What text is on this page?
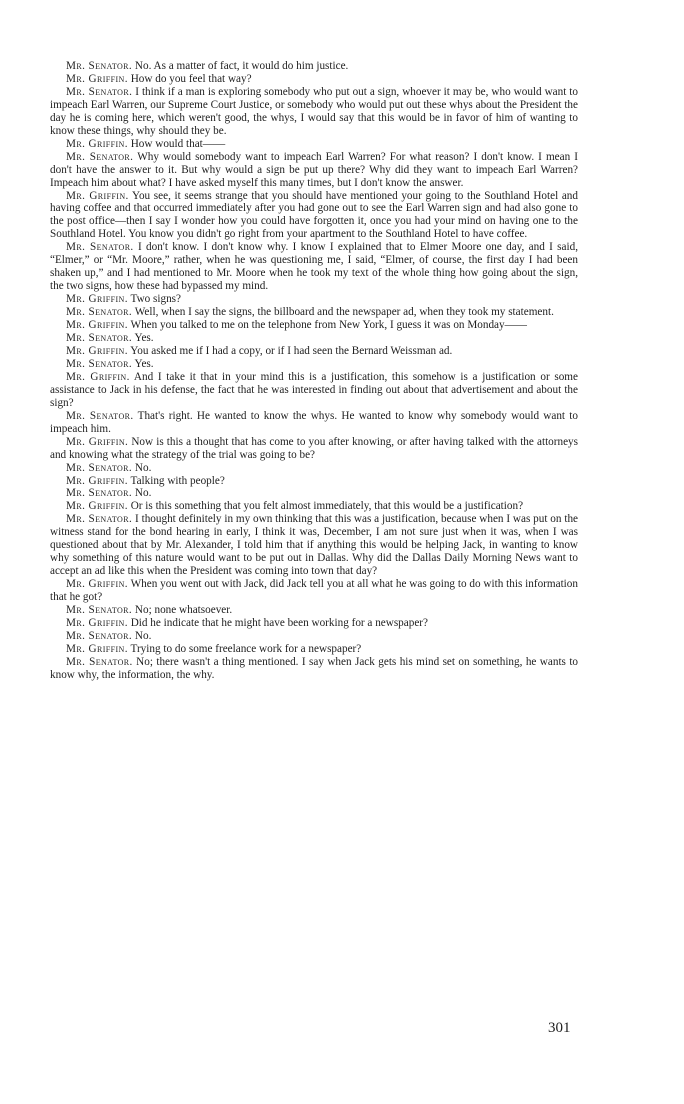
Mr. Senator. No. As a matter of fact, it would do him justice.

Mr. Griffin. How do you feel that way?

Mr. Senator. I think if a man is exploring somebody who put out a sign, whoever it may be, who would want to impeach Earl Warren, our Supreme Court Justice, or somebody who would put out these whys about the President the day he is coming here, which weren't good, the whys, I would say that this would be in favor of him of wanting to know these things, why should they be.

Mr. Griffin. How would that——

Mr. Senator. Why would somebody want to impeach Earl Warren? For what reason? I don't know. I mean I don't have the answer to it. But why would a sign be put up there? Why did they want to impeach Earl Warren? Impeach him about what? I have asked myself this many times, but I don't know the answer.

Mr. Griffin. You see, it seems strange that you should have mentioned your going to the Southland Hotel and having coffee and that occurred immediately after you had gone out to see the Earl Warren sign and had also gone to the post office—then I say I wonder how you could have forgotten it, once you had your mind on having one to the Southland Hotel. You know you didn't go right from your apartment to the Southland Hotel to have coffee.

Mr. Senator. I don't know. I don't know why. I know I explained that to Elmer Moore one day, and I said, “Elmer,” or “Mr. Moore,” rather, when he was questioning me, I said, “Elmer, of course, the first day I had been shaken up,” and I had mentioned to Mr. Moore when he took my text of the whole thing how going about the sign, the two signs, how these had bypassed my mind.

Mr. Griffin. Two signs?

Mr. Senator. Well, when I say the signs, the billboard and the newspaper ad, when they took my statement.

Mr. Griffin. When you talked to me on the telephone from New York, I guess it was on Monday——

Mr. Senator. Yes.

Mr. Griffin. You asked me if I had a copy, or if I had seen the Bernard Weissman ad.

Mr. Senator. Yes.

Mr. Griffin. And I take it that in your mind this is a justification, this somehow is a justification or some assistance to Jack in his defense, the fact that he was interested in finding out about that advertisement and about the sign?

Mr. Senator. That's right. He wanted to know the whys. He wanted to know why somebody would want to impeach him.

Mr. Griffin. Now is this a thought that has come to you after knowing, or after having talked with the attorneys and knowing what the strategy of the trial was going to be?

Mr. Senator. No.

Mr. Griffin. Talking with people?

Mr. Senator. No.

Mr. Griffin. Or is this something that you felt almost immediately, that this would be a justification?

Mr. Senator. I thought definitely in my own thinking that this was a justification, because when I was put on the witness stand for the bond hearing in early, I think it was, December, I am not sure just when it was, when I was questioned about that by Mr. Alexander, I told him that if anything this would be helping Jack, in wanting to know why something of this nature would want to be put out in Dallas. Why did the Dallas Daily Morning News want to accept an ad like this when the President was coming into town that day?

Mr. Griffin. When you went out with Jack, did Jack tell you at all what he was going to do with this information that he got?

Mr. Senator. No; none whatsoever.

Mr. Griffin. Did he indicate that he might have been working for a newspaper?

Mr. Senator. No.

Mr. Griffin. Trying to do some freelance work for a newspaper?

Mr. Senator. No; there wasn't a thing mentioned. I say when Jack gets his mind set on something, he wants to know why, the information, the why.

301
